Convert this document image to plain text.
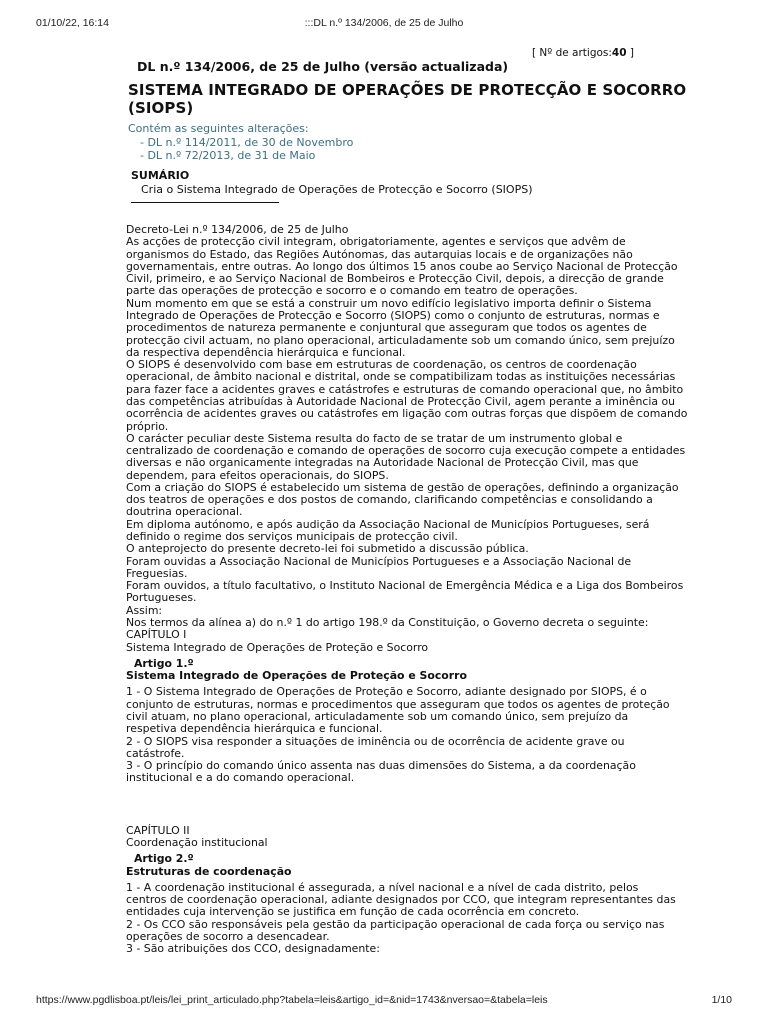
01/10/22, 16:14	:::DL n.º 134/2006, de 25 de Julho
[ Nº de artigos:40 ]
DL n.º 134/2006, de 25 de Julho (versão actualizada)
SISTEMA INTEGRADO DE OPERAÇÕES DE PROTECÇÃO E SOCORRO (SIOPS)
Contém as seguintes alterações:
- DL n.º 114/2011, de 30 de Novembro
- DL n.º 72/2013, de 31 de Maio
SUMÁRIO
Cria o Sistema Integrado de Operações de Protecção e Socorro (SIOPS)
Decreto-Lei n.º 134/2006, de 25 de Julho
As acções de protecção civil integram, obrigatoriamente, agentes e serviços que advêm de
organismos do Estado, das Regiões Autónomas, das autarquias locais e de organizações não
governamentais, entre outras. Ao longo dos últimos 15 anos coube ao Serviço Nacional de Protecção
Civil, primeiro, e ao Serviço Nacional de Bombeiros e Protecção Civil, depois, a direcção de grande
parte das operações de protecção e socorro e o comando em teatro de operações.
Num momento em que se está a construir um novo edifício legislativo importa definir o Sistema
Integrado de Operações de Protecção e Socorro (SIOPS) como o conjunto de estruturas, normas e
procedimentos de natureza permanente e conjuntural que asseguram que todos os agentes de
protecção civil actuam, no plano operacional, articuladamente sob um comando único, sem prejuízo
da respectiva dependência hierárquica e funcional.
O SIOPS é desenvolvido com base em estruturas de coordenação, os centros de coordenação
operacional, de âmbito nacional e distrital, onde se compatibilizam todas as instituições necessárias
para fazer face a acidentes graves e catástrofes e estruturas de comando operacional que, no âmbito
das competências atribuídas à Autoridade Nacional de Protecção Civil, agem perante a iminência ou
ocorrência de acidentes graves ou catástrofes em ligação com outras forças que dispõem de comando
próprio.
O carácter peculiar deste Sistema resulta do facto de se tratar de um instrumento global e
centralizado de coordenação e comando de operações de socorro cuja execução compete a entidades
diversas e não organicamente integradas na Autoridade Nacional de Protecção Civil, mas que
dependem, para efeitos operacionais, do SIOPS.
Com a criação do SIOPS é estabelecido um sistema de gestão de operações, definindo a organização
dos teatros de operações e dos postos de comando, clarificando competências e consolidando a
doutrina operacional.
Em diploma autónomo, e após audição da Associação Nacional de Municípios Portugueses, será
definido o regime dos serviços municipais de protecção civil.
O anteprojecto do presente decreto-lei foi submetido a discussão pública.
Foram ouvidas a Associação Nacional de Municípios Portugueses e a Associação Nacional de
Freguesias.
Foram ouvidos, a título facultativo, o Instituto Nacional de Emergência Médica e a Liga dos Bombeiros
Portugueses.
Assim:
Nos termos da alínea a) do n.º 1 do artigo 198.º da Constituição, o Governo decreta o seguinte:
CAPÍTULO I
Sistema Integrado de Operações de Proteção e Socorro
Artigo 1.º
Sistema Integrado de Operações de Proteção e Socorro
1 - O Sistema Integrado de Operações de Proteção e Socorro, adiante designado por SIOPS, é o
conjunto de estruturas, normas e procedimentos que asseguram que todos os agentes de proteção
civil atuam, no plano operacional, articuladamente sob um comando único, sem prejuízo da
respetiva dependência hierárquica e funcional.
2 - O SIOPS visa responder a situações de iminência ou de ocorrência de acidente grave ou
catástrofe.
3 - O princípio do comando único assenta nas duas dimensões do Sistema, a da coordenação
institucional e a do comando operacional.
CAPÍTULO II
Coordenação institucional
Artigo 2.º
Estruturas de coordenação
1 - A coordenação institucional é assegurada, a nível nacional e a nível de cada distrito, pelos
centros de coordenação operacional, adiante designados por CCO, que integram representantes das
entidades cuja intervenção se justifica em função de cada ocorrência em concreto.
2 - Os CCO são responsáveis pela gestão da participação operacional de cada força ou serviço nas
operações de socorro a desencadear.
3 - São atribuições dos CCO, designadamente:
https://www.pgdlisboa.pt/leis/lei_print_articulado.php?tabela=leis&artigo_id=&nid=1743&nversao=&tabela=leis	1/10
